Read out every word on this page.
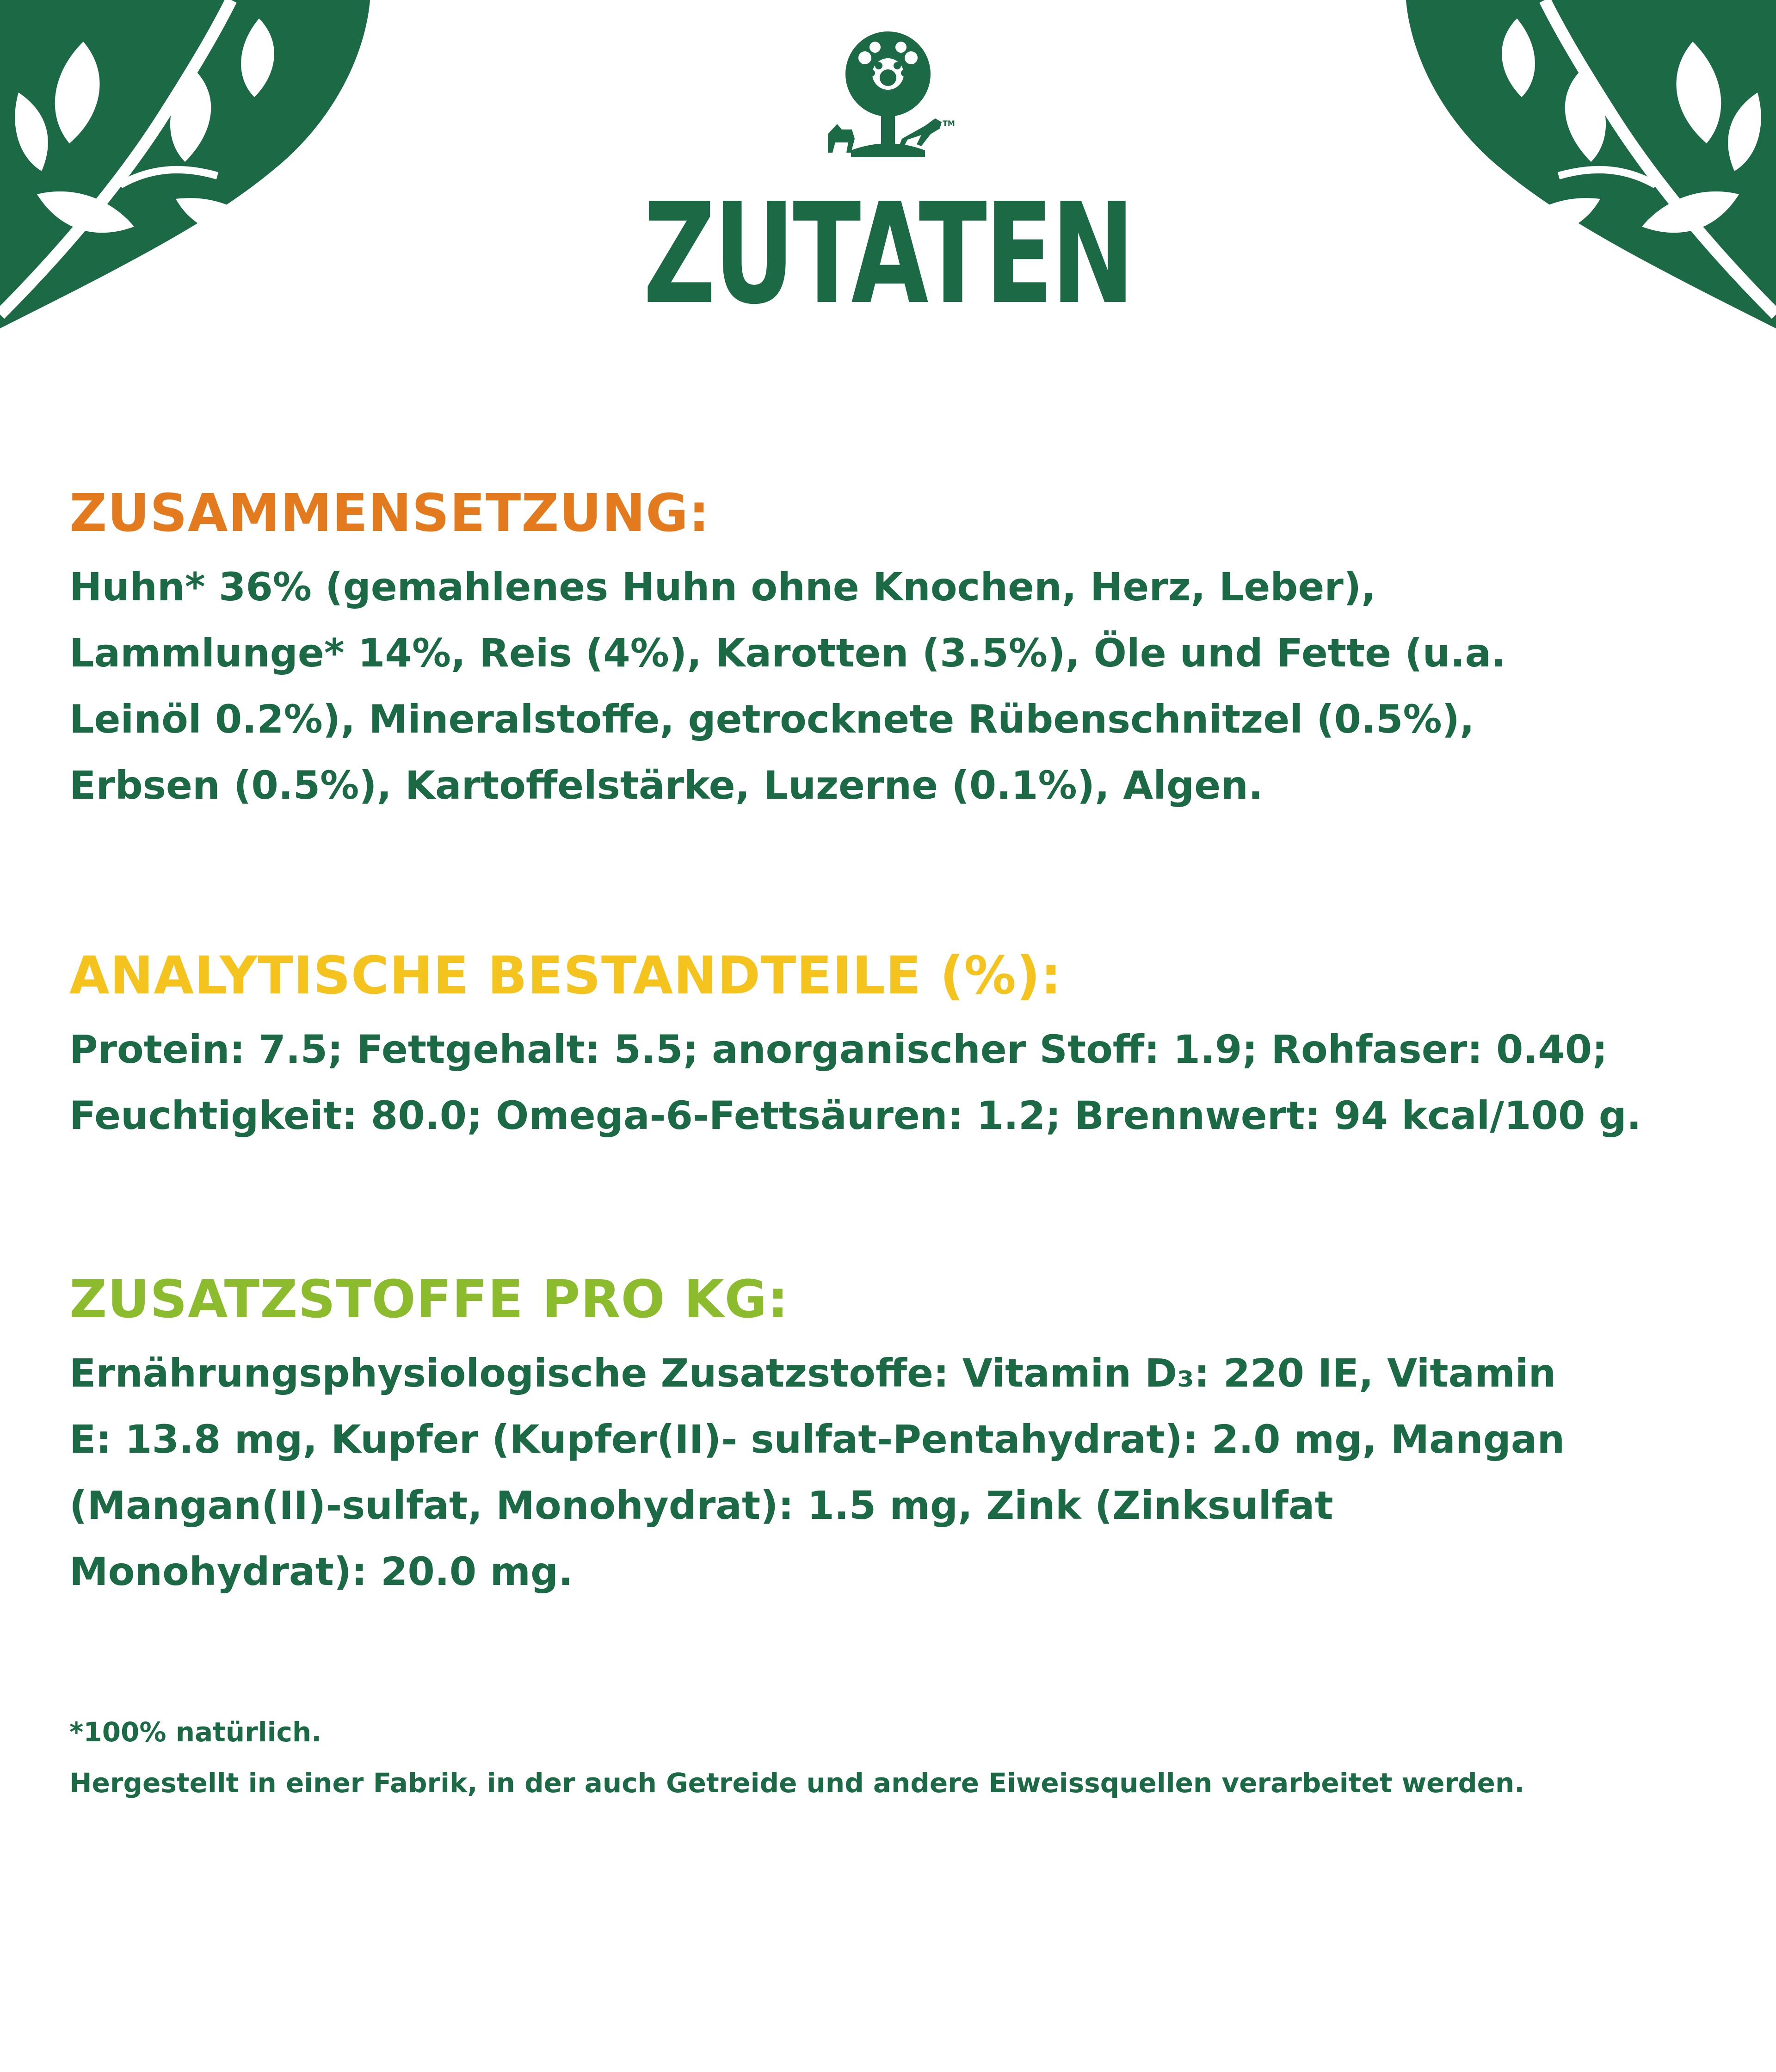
TM
ZUTATEN
ZUSAMMENSETZUNG:
Huhn* 36% (gemahlenes Huhn ohne Knochen, Herz, Leber),
Lammlunge* 14%, Reis (4%), Karotten (3.5%), Öle und Fette (u.a.
Leinöl 0.2%), Mineralstoffe, getrocknete Rübenschnitzel (0.5%),
Erbsen (0.5%), Kartoffelstärke, Luzerne (0.1%), Algen.
ANALYTISCHE BESTANDTEILE (%):
Protein: 7.5; Fettgehalt: 5.5; anorganischer Stoff: 1.9; Rohfaser: 0.40;
Feuchtigkeit: 80.0; Omega-6-Fettsäuren: 1.2; Brennwert: 94 kcal/100 g.
ZUSATZSTOFFE PRO KG:
Ernährungsphysiologische Zusatzstoffe: Vitamin D₃: 220 IE, Vitamin
E: 13.8 mg, Kupfer (Kupfer(II)- sulfat-Pentahydrat): 2.0 mg, Mangan
(Mangan(II)-sulfat, Monohydrat): 1.5 mg, Zink (Zinksulfat
Monohydrat): 20.0 mg.

*100% natürlich.

Hergestellt in einer Fabrik, in der auch Getreide und andere Eiweissquellen verarbeitet werden.
